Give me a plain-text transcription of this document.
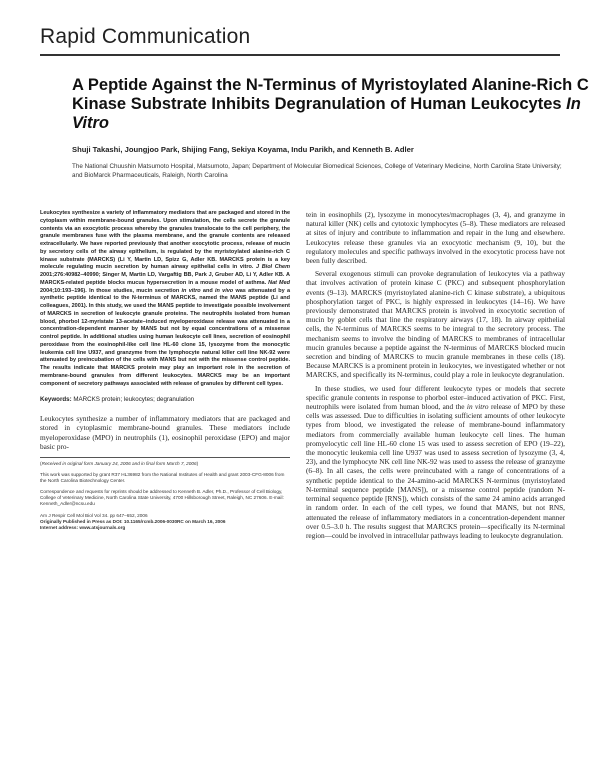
Rapid Communication
A Peptide Against the N-Terminus of Myristoylated Alanine-Rich C Kinase Substrate Inhibits Degranulation of Human Leukocytes In Vitro
Shuji Takashi, Joungjoo Park, Shijing Fang, Sekiya Koyama, Indu Parikh, and Kenneth B. Adler
The National Chuushin Matsumoto Hospital, Matsumoto, Japan; Department of Molecular Biomedical Sciences, College of Veterinary Medicine, North Carolina State University; and BioMarck Pharmaceuticals, Raleigh, North Carolina

Leukocytes synthesize a variety of inflammatory mediators that are packaged and stored in the cytoplasm within membrane-bound granules. Upon stimulation, the cells secrete the granule contents via an exocytotic process whereby the granules translocate to the cell periphery, the granule membranes fuse with the plasma membrane, and the granule contents are released extracellularly. We have reported previously that another exocytotic process, release of mucin by secretory cells of the airway epithelium, is regulated by the myristoylated alanine-rich C kinase substrate (MARCKS) (Li Y, Martin LD, Spizz G, Adler KB. MARCKS protein is a key molecule regulating mucin secretion by human airway epithelial cells in vitro. J Biol Chem 2001;276:40982–40990; Singer M, Martin LD, Vargaftig BB, Park J, Gruber AD, Li Y, Adler KB. A MARCKS-related peptide blocks mucus hypersecretion in a mouse model of asthma. Nat Med 2004;10:193–196). In those studies, mucin secretion in vitro and in vivo was attenuated by a synthetic peptide identical to the N-terminus of MARCKS, named the MANS peptide (Li and colleagues, 2001). In this study, we used the MANS peptide to investigate possible involvement of MARCKS in secretion of leukocyte granule proteins. The neutrophils isolated from human blood, phorbol 12-myristate 13-acetate–induced myeloperoxidase release was attenuated in a concentration-dependent manner by MANS but not by equal concentrations of a missense control peptide. In additional studies using human leukocyte cell lines, secretion of eosinophil peroxidase from the eosinophil-like cell line HL-60 clone 15, lysozyme from the monocytic leukemia cell line U937, and granzyme from the lymphocyte natural killer cell line NK-92 were attenuated by preincubation of the cells with MANS but not with the missense control peptide. The results indicate that MARCKS protein may play an important role in the secretion of membrane-bound granules from different leukocytes. MARCKS may be an important component of secretory pathways associated with release of granules by different cell types.

Keywords: MARCKS protein; leukocytes; degranulation

Leukocytes synthesize a number of inflammatory mediators that are packaged and stored in cytoplasmic membrane-bound granules. These mediators include myeloperoxidase (MPO) in neutrophils (1), eosinophil peroxidase (EPO) and major basic pro-

(Received in original form January 24, 2006 and in final form March 7, 2006)

This work was supported by grant R37 HL36982 from the National Institutes of Health and grant 2003-CFG-8006 from the North Carolina Biotechnology Center.

Correspondence and requests for reprints should be addressed to Kenneth B. Adler, Ph.D., Professor of Cell Biology, College of Veterinary Medicine, North Carolina State University, 4700 Hillsborough Street, Raleigh, NC 27606. E-mail: Kenneth_Adler@ncsu.edu

Am J Respir Cell Mol Biol Vol 34. pp 647–652, 2006
Originally Published in Press as DOI: 10.1165/rcmb.2006-0030RC on March 16, 2006
Internet address: www.atsjournals.org

tein in eosinophils (2), lysozyme in monocytes/macrophages (3, 4), and granzyme in natural killer (NK) cells and cytotoxic lymphocytes (5–8). These mediators are released at sites of injury and contribute to inflammation and repair in the lung and elsewhere. Leukocytes release these granules via an exocytotic mechanism (9, 10), but the regulatory molecules and specific pathways involved in the exocytotic process have not been fully described.

Several exogenous stimuli can provoke degranulation of leukocytes via a pathway that involves activation of protein kinase C (PKC) and subsequent phosphorylation events (9–13). MARCKS (myristoylated alanine-rich C kinase substrate), a ubiquitous phosphorylation target of PKC, is highly expressed in leukocytes (14–16). We have previously demonstrated that MARCKS protein is involved in exocytotic secretion of mucin by goblet cells that line the respiratory airways (17, 18). In airway epithelial cells, the N-terminus of MARCKS seems to be integral to the secretory process. The mechanism seems to involve the binding of MARCKS to membranes of intracellular mucin granules because a peptide against the N-terminus of MARCKS blocked mucin secretion and binding of MARCKS to mucin granule membranes in these cells (18). Because MARCKS is a prominent protein in leukocytes, we investigated whether or not MARCKS, and specifically its N-terminus, could play a role in leukocyte degranulation.

In these studies, we used four different leukocyte types or models that secrete specific granule contents in response to phorbol ester–induced activation of PKC. First, neutrophils were isolated from human blood, and the in vitro release of MPO by these cells was assessed. Due to difficulties in isolating sufficient amounts of other leukocyte types from blood, we investigated the release of membrane-bound inflammatory mediators from commercially available human leukocyte cell lines. The human promyelocytic cell line HL-60 clone 15 was used to assess secretion of EPO (19–22), the monocytic leukemia cell line U937 was used to assess secretion of lysozyme (3, 4, 23), and the lymphocyte NK cell line NK-92 was used to assess the release of granzyme (6–8). In all cases, the cells were preincubated with a range of concentrations of a synthetic peptide identical to the 24-amino-acid MARCKS N-terminus (myristoylated N-terminal sequence peptide [MANS]), or a missense control peptide (random N-terminal sequence peptide [RNS]), which consists of the same 24 amino acids arranged in random order. In each of the cell types, we found that MANS, but not RNS, attenuated the release of inflammatory mediators in a concentration-dependent manner over 0.5–3.0 h. The results suggest that MARCKS protein—specifically its N-terminal region—could be involved in intracellular pathways leading to leukocyte degranulation.
